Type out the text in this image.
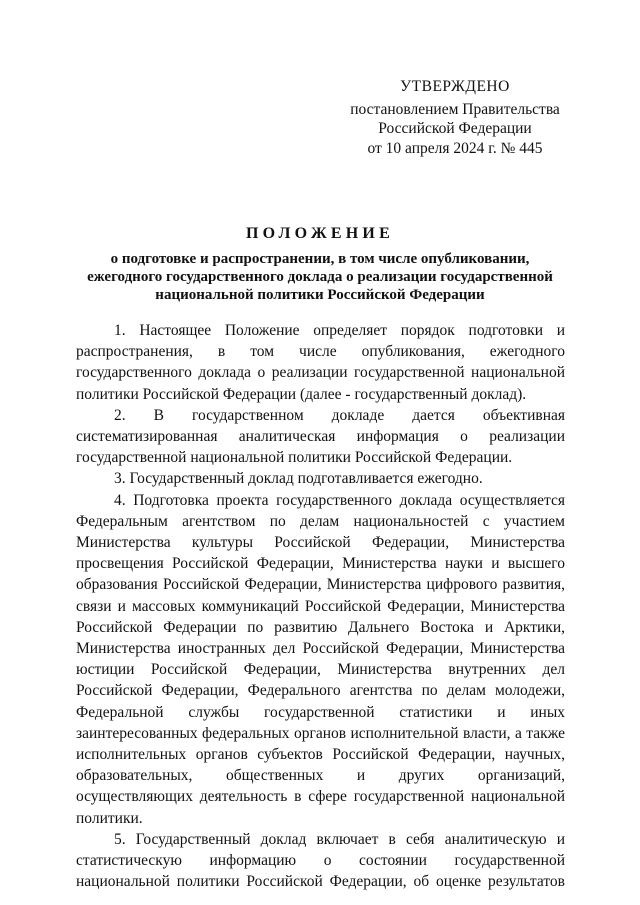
УТВЕРЖДЕНО
постановлением Правительства
Российской Федерации
от 10 апреля 2024 г. № 445
ПОЛОЖЕНИЕ
о подготовке и распространении, в том числе опубликовании,
ежегодного государственного доклада о реализации государственной
национальной политики Российской Федерации

1. Настоящее Положение определяет порядок подготовки и распространения, в том числе опубликования, ежегодного государственного доклада о реализации государственной национальной политики Российской Федерации (далее - государственный доклад).

2. В государственном докладе дается объективная систематизированная аналитическая информация о реализации государственной национальной политики Российской Федерации.

3. Государственный доклад подготавливается ежегодно.

4. Подготовка проекта государственного доклада осуществляется Федеральным агентством по делам национальностей с участием Министерства культуры Российской Федерации, Министерства просвещения Российской Федерации, Министерства науки и высшего образования Российской Федерации, Министерства цифрового развития, связи и массовых коммуникаций Российской Федерации, Министерства Российской Федерации по развитию Дальнего Востока и Арктики, Министерства иностранных дел Российской Федерации, Министерства юстиции Российской Федерации, Министерства внутренних дел Российской Федерации, Федерального агентства по делам молодежи, Федеральной службы государственной статистики и иных заинтересованных федеральных органов исполнительной власти, а также исполнительных органов субъектов Российской Федерации, научных, образовательных, общественных и других организаций, осуществляющих деятельность в сфере государственной национальной политики.

5. Государственный доклад включает в себя аналитическую и статистическую информацию о состоянии государственной национальной политики Российской Федерации, об оценке результатов
